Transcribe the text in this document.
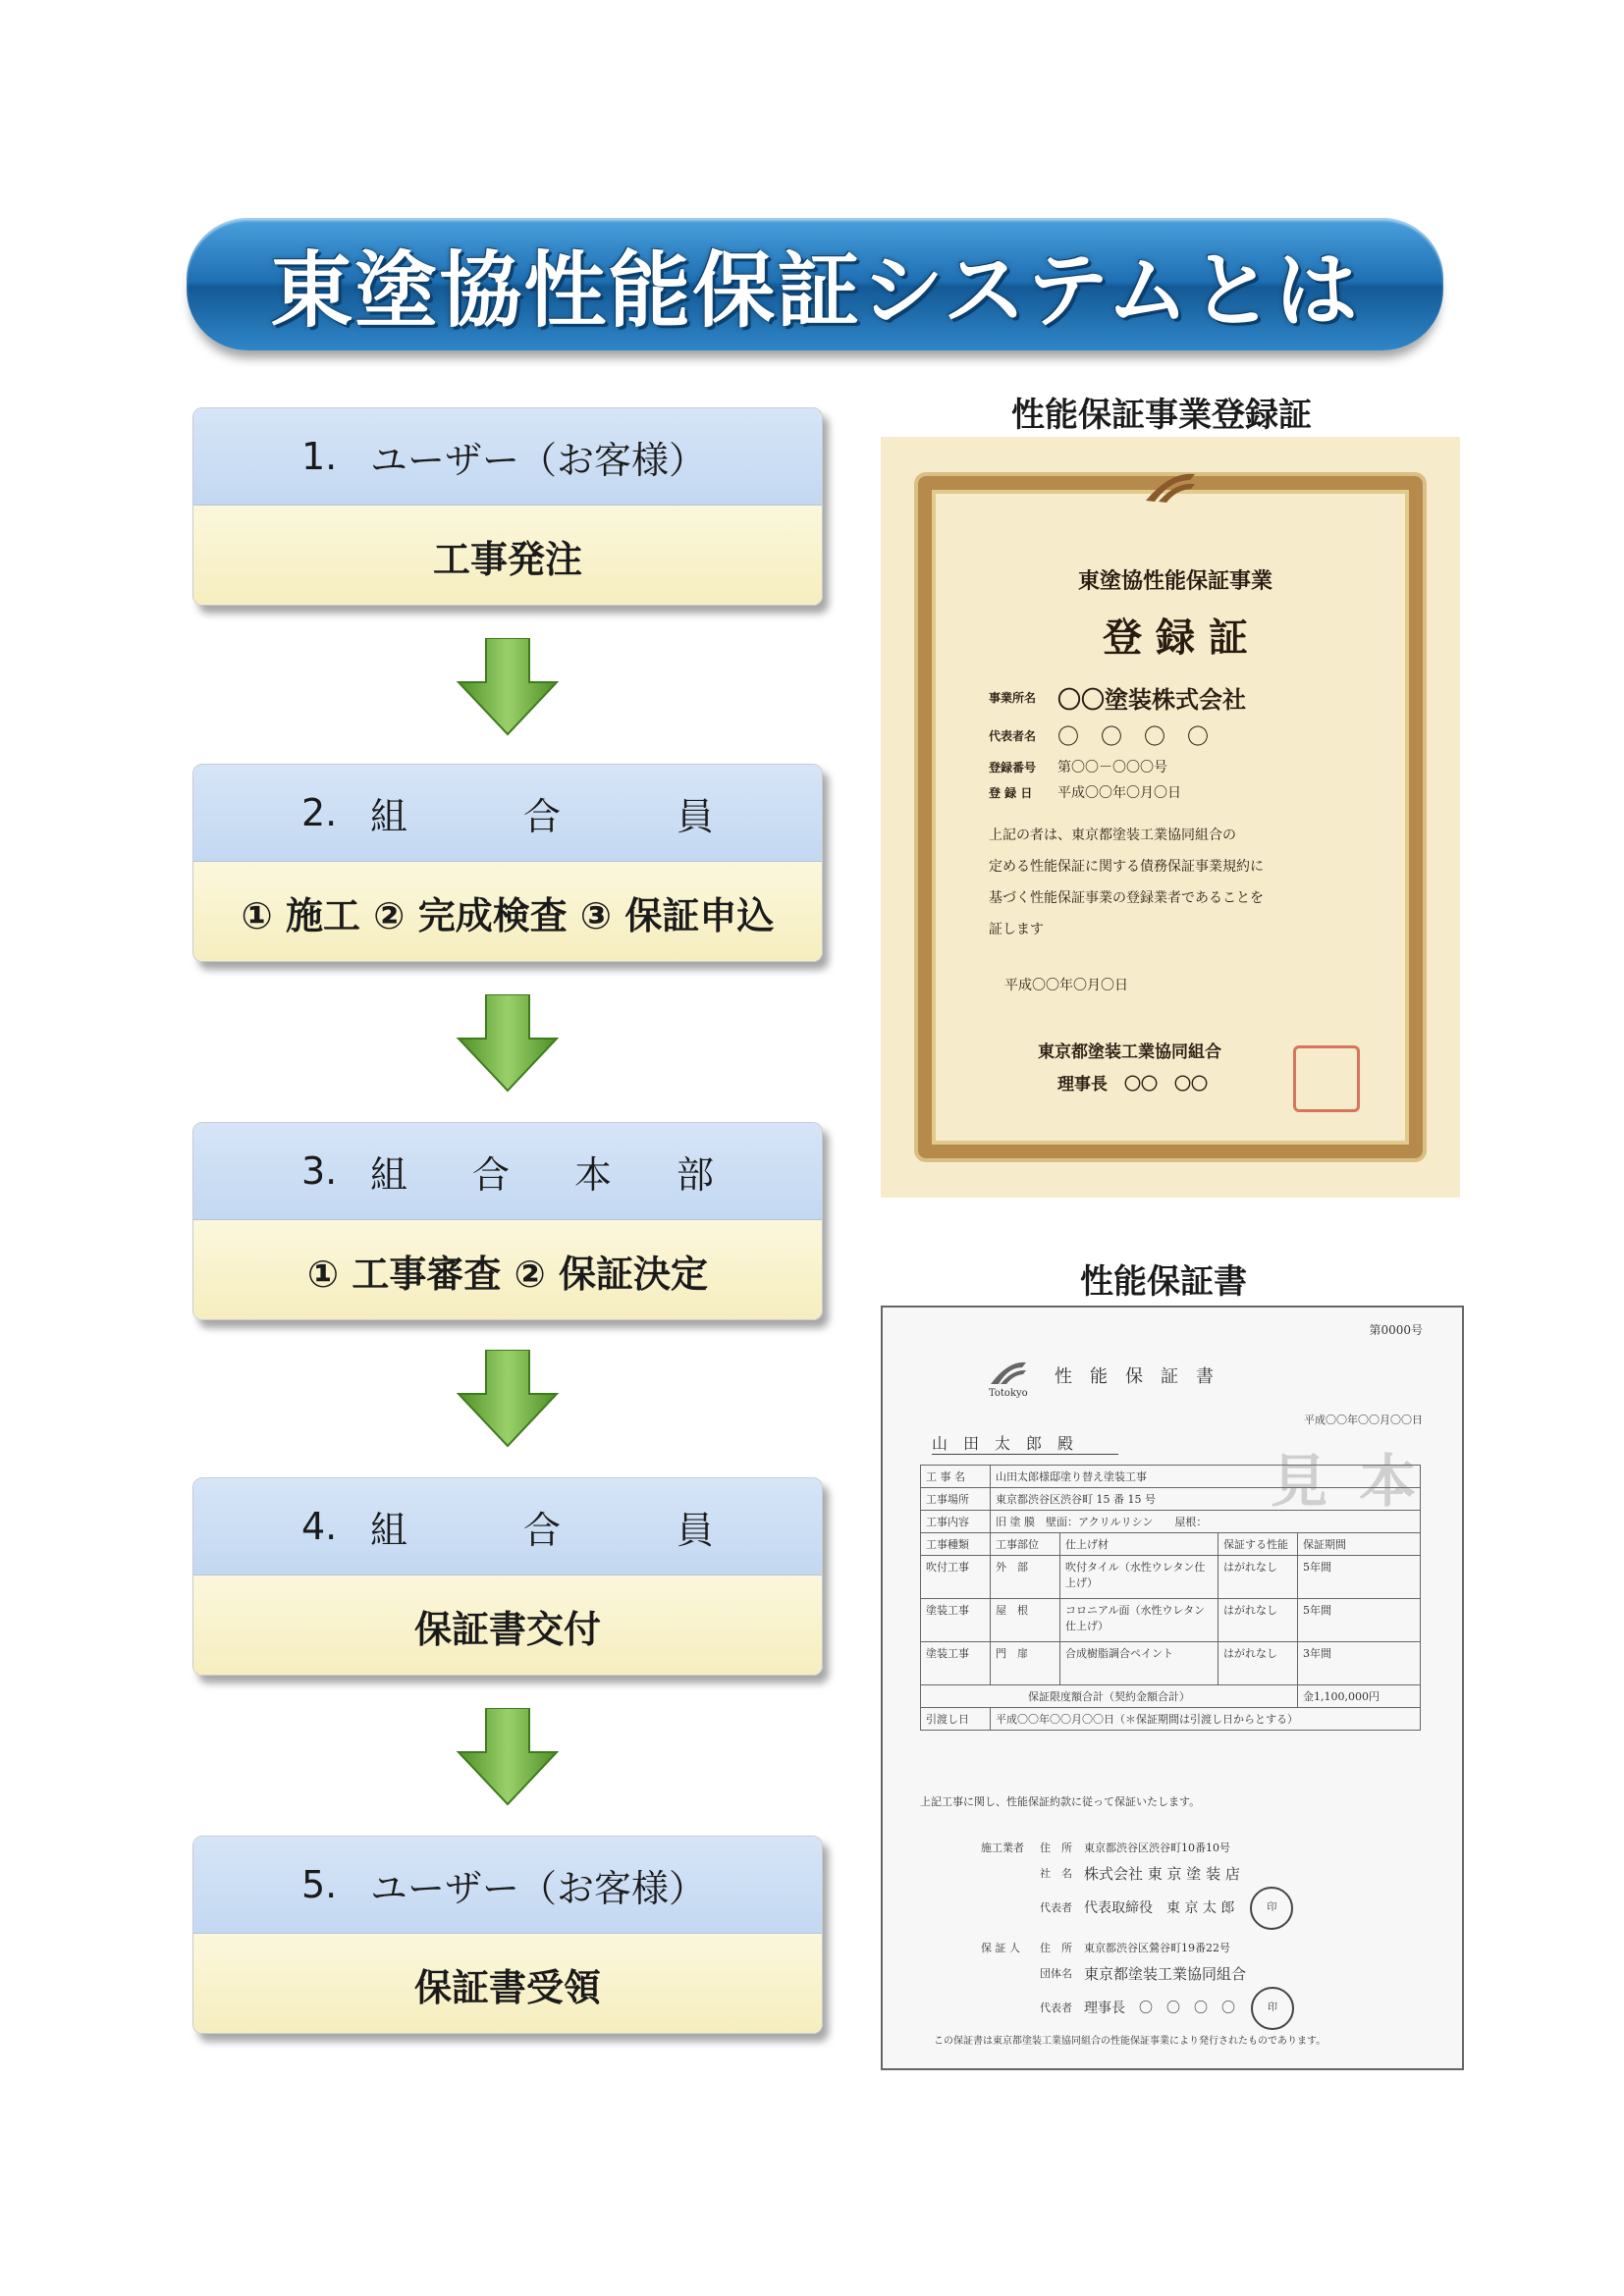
東塗協性能保証システムとは
1. ユーザー（お客様）
工事発注
2. 組	合	員
① 施工 ② 完成検査 ③ 保証申込
3. 組 合 本 部
① 工事審査 ② 保証決定
4. 組	合	員
保証書交付
5. ユーザー（お客様）
保証書受領
性能保証事業登録証
東塗協性能保証事業
登 録 証
事業所名 〇〇塗装株式会社
代表者名 〇　〇　〇　〇
登録番号	第〇〇－〇〇〇号
登 録 日	平成〇〇年〇月〇日
上記の者は、東京都塗装工業協同組合の
定める性能保証に関する債務保証事業規約に
基づく性能保証事業の登録業者であることを
証します
平成〇〇年〇月〇日
東京都塗装工業協同組合
理事長　〇〇　〇〇
性能保証書
第0000号
Totokyo
性　能　保　証　書
平成〇〇年〇〇月〇〇日
山　田　太　郎　殿
見 本
工 事 名	山田太郎様邸塗り替え塗装工事			
工事場所	東京都渋谷区渋谷町 15 番 15 号			
工事内容	旧 塗 膜　壁面：アクリルリシン　　屋根：			
工事種類	工事部位	仕上げ材	保証する性能	保証期間
吹付工事	外　部	吹付タイル（水性ウレタン仕上げ）	はがれなし	5年間
塗装工事	屋　根	コロニアル面（水性ウレタン仕上げ）	はがれなし	5年間
塗装工事	門　扉	合成樹脂調合ペイント	はがれなし	3年間
保証限度額合計（契約金額合計）				金1,100,000円
引渡し日	平成〇〇年〇〇月〇〇日（＊保証期間は引渡し日からとする）			
上記工事に関し、性能保証約款に従って保証いたします。
施工業者	住　所	東京都渋谷区渋谷町10番10号
社　名 株式会社 東 京 塗 装 店
代表者 代表取締役　東 京 太 郎	印
保 証 人	住　所	東京都渋谷区鶯谷町19番22号
団体名 東京都塗装工業協同組合
代表者 理事長　〇　〇　〇　〇	印
この保証書は東京都塗装工業協同組合の性能保証事業により発行されたものであります。
